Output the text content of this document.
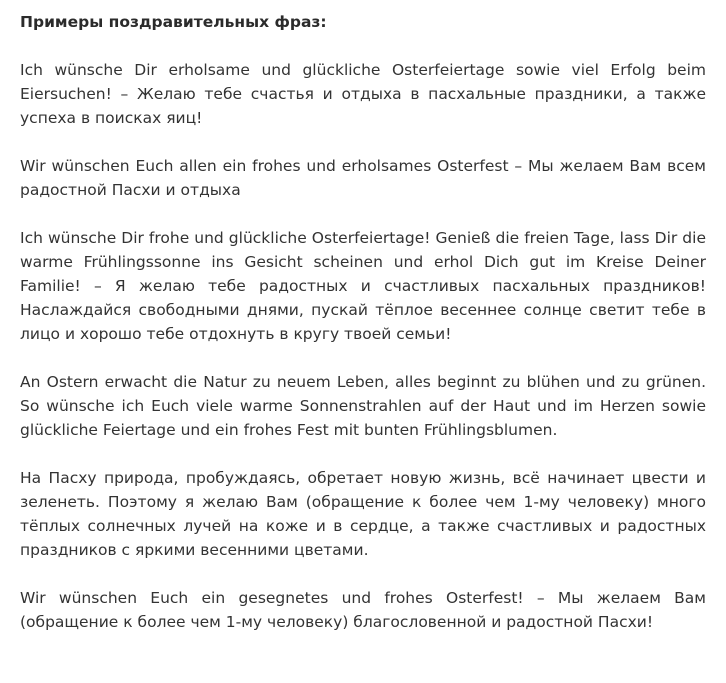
Примеры поздравительных фраз:

Ich wünsche Dir erholsame und glückliche Osterfeiertage sowie viel Erfolg beim Eiersuchen! – Желаю тебе счастья и отдыха в пасхальные праздники, а также успеха в поисках яиц!

Wir wünschen Euch allen ein frohes und erholsames Osterfest – Мы желаем Вам всем радостной Пасхи и отдыха

Ich wünsche Dir frohe und glückliche Osterfeiertage! Genieß die freien Tage, lass Dir die warme Frühlingssonne ins Gesicht scheinen und erhol Dich gut im Kreise Deiner Familie! – Я желаю тебе радостных и счастливых пасхальных праздников! Наслаждайся свободными днями, пускай тёплое весеннее солнце светит тебе в лицо и хорошо тебе отдохнуть в кругу твоей семьи!

An Ostern erwacht die Natur zu neuem Leben, alles beginnt zu blühen und zu grünen. So wünsche ich Euch viele warme Sonnenstrahlen auf der Haut und im Herzen sowie glückliche Feiertage und ein frohes Fest mit bunten Frühlingsblumen.

На Пасху природа, пробуждаясь, обретает новую жизнь, всё начинает цвести и зеленеть. Поэтому я желаю Вам (обращение к более чем 1-му человеку) много тёплых солнечных лучей на коже и в сердце, а также счастливых и радостных праздников с яркими весенними цветами.

Wir wünschen Euch ein gesegnetes und frohes Osterfest! – Мы желаем Вам (обращение к более чем 1-му человеку) благословенной и радостной Пасхи!
